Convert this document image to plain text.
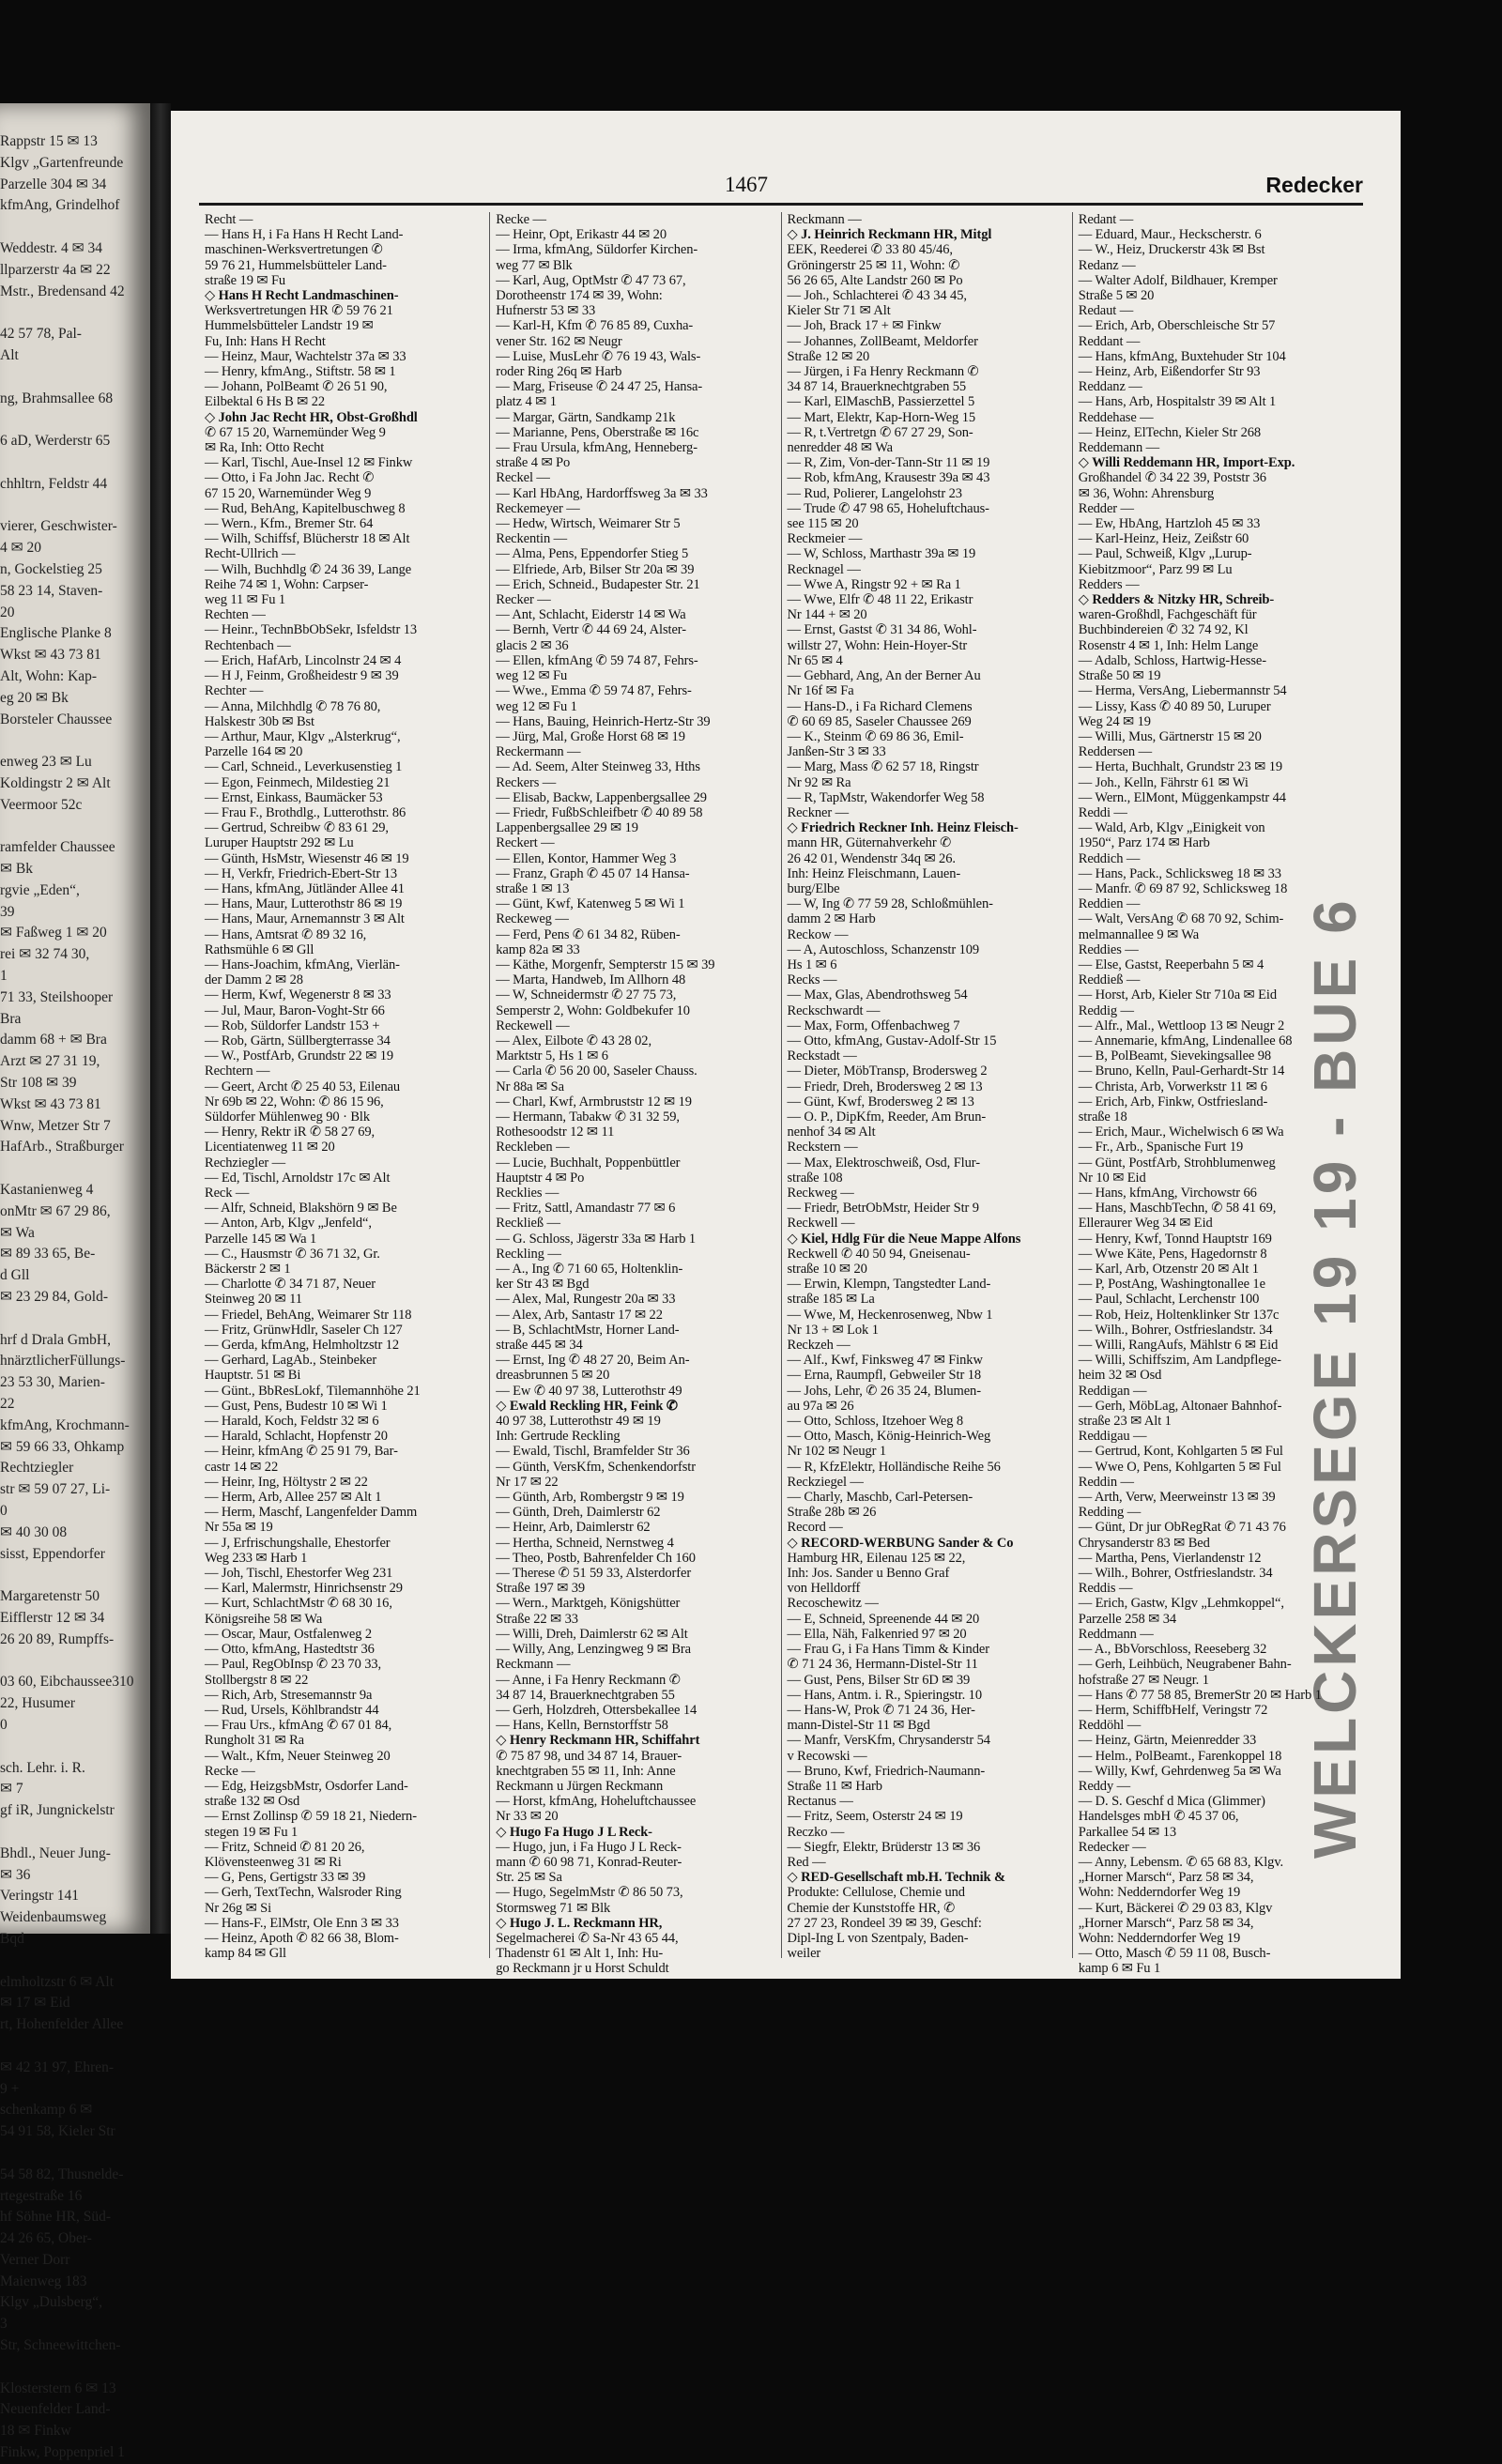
Rappstr 15 ✉ 13
Klgv „Gartenfreunde
Parzelle 304 ✉ 34
kfmAng, Grindelhof

Weddestr. 4 ✉ 34
llparzerstr 4a ✉ 22
Mstr., Bredensand 42

42 57 78, Pal-
Alt

ng, Brahmsallee 68

6 aD, Werderstr 65

chhltrn, Feldstr 44

vierer, Geschwister-
4 ✉ 20
n, Gockelstieg 25
58 23 14, Staven-
20
Englische Planke 8
Wkst ✉ 43 73 81
Alt, Wohn: Kap-
eg 20 ✉ Bk
Borsteler Chaussee

enweg 23 ✉ Lu
Koldingstr 2 ✉ Alt
Veermoor 52c

ramfelder Chaussee
✉ Bk
rgvie „Eden“,
39
✉ Faßweg 1 ✉ 20
rei ✉ 32 74 30,
1
71 33, Steilshooper
Bra
damm 68 + ✉ Bra
Arzt ✉ 27 31 19,
Str 108 ✉ 39
Wkst ✉ 43 73 81
Wnw, Metzer Str 7
HafArb., Straßburger

Kastanienweg 4
onMtr ✉ 67 29 86,
✉ Wa
✉ 89 33 65, Be-
d Gll
✉ 23 29 84, Gold-

hrf d Drala GmbH,
hnärztlicherFüllungs-
23 53 30, Marien-
22
kfmAng, Krochmann-
✉ 59 66 33, Ohkamp
Rechtziegler
str ✉ 59 07 27, Li-
0
✉ 40 30 08
sisst, Eppendorfer

Margaretenstr 50
Eifflerstr 12 ✉ 34
26 20 89, Rumpffs-

03 60, Eibchaussee310
22, Husumer
0

sch. Lehr. i. R.
✉ 7
gf iR, Jungnickelstr

Bhdl., Neuer Jung-
✉ 36
Veringstr 141
Weidenbaumsweg
Bqd

elmholtzstr 6 ✉ Alt
✉ 17 ✉ Eid
rt, Hohenfelder Allee

✉ 42 31 97, Ehren-
9 +
schenkamp 6 ✉
54 91 58, Kieler Str

54 58 82, Thusnelde-
rtegestraße 16
hf Söhne HR, Süd-
24 26 65, Ober-
Verner Dorr
Maienweg 183
Klgv „Dulsberg“,
3
Str, Schneewittchen-

Klosterstern 6 ✉ 13
Neuenfelder Land-
18 ✉ Finkw
Finkw, Poppenpriel 1
1467	Redecker
Recht —
— Hans H, i Fa Hans H Recht Land-
maschinen-Werksvertretungen ✆
59 76 21, Hummelsbütteler Land-
straße 19 ✉ Fu
◇ Hans H Recht Landmaschinen-
Werksvertretungen HR ✆ 59 76 21
Hummelsbütteler Landstr 19 ✉
Fu, Inh: Hans H Recht
— Heinz, Maur, Wachtelstr 37a ✉ 33
— Henry, kfmAng., Stiftstr. 58 ✉ 1
— Johann, PolBeamt ✆ 26 51 90,
Eilbektal 6 Hs B ✉ 22
◇ John Jac Recht HR, Obst-Großhdl
✆ 67 15 20, Warnemünder Weg 9
✉ Ra, Inh: Otto Recht
— Karl, Tischl, Aue-Insel 12 ✉ Finkw
— Otto, i Fa John Jac. Recht ✆
67 15 20, Warnemünder Weg 9
— Rud, BehAng, Kapitelbuschweg 8
— Wern., Kfm., Bremer Str. 64
— Wilh, Schiffsf, Blücherstr 18 ✉ Alt
Recht-Ullrich —
— Wilh, Buchhdlg ✆ 24 36 39, Lange
Reihe 74 ✉ 1, Wohn: Carpser-
weg 11 ✉ Fu 1
Rechten —
— Heinr., TechnBbObSekr, Isfeldstr 13
Rechtenbach —
— Erich, HafArb, Lincolnstr 24 ✉ 4
— H J, Feinm, Großheidestr 9 ✉ 39
Rechter —
— Anna, Milchhdlg ✆ 78 76 80,
Halskestr 30b ✉ Bst
— Arthur, Maur, Klgv „Alsterkrug“,
Parzelle 164 ✉ 20
— Carl, Schneid., Leverkusenstieg 1
— Egon, Feinmech, Mildestieg 21
— Ernst, Einkass, Baumäcker 53
— Frau F., Brothdlg., Lutterothstr. 86
— Gertrud, Schreibw ✆ 83 61 29,
Luruper Hauptstr 292 ✉ Lu
— Günth, HsMstr, Wiesenstr 46 ✉ 19
— H, Verkfr, Friedrich-Ebert-Str 13
— Hans, kfmAng, Jütländer Allee 41
— Hans, Maur, Lutterothstr 86 ✉ 19
— Hans, Maur, Arnemannstr 3 ✉ Alt
— Hans, Amtsrat ✆ 89 32 16,
Rathsmühle 6 ✉ Gll
— Hans-Joachim, kfmAng, Vierlän-
der Damm 2 ✉ 28
— Herm, Kwf, Wegenerstr 8 ✉ 33
— Jul, Maur, Baron-Voght-Str 66
— Rob, Süldorfer Landstr 153 +
— Rob, Gärtn, Süllbergterrasse 34
— W., PostfArb, Grundstr 22 ✉ 19
Rechtern —
— Geert, Archt ✆ 25 40 53, Eilenau
Nr 69b ✉ 22, Wohn: ✆ 86 15 96,
Süldorfer Mühlenweg 90 · Blk
— Henry, Rektr iR ✆ 58 27 69,
Licentiatenweg 11 ✉ 20
Rechziegler —
— Ed, Tischl, Arnoldstr 17c ✉ Alt
Reck —
— Alfr, Schneid, Blakshörn 9 ✉ Be
— Anton, Arb, Klgv „Jenfeld“,
Parzelle 145 ✉ Wa 1
— C., Hausmstr ✆ 36 71 32, Gr.
Bäckerstr 2 ✉ 1
— Charlotte ✆ 34 71 87, Neuer
Steinweg 20 ✉ 11
— Friedel, BehAng, Weimarer Str 118
— Fritz, GrünwHdlr, Saseler Ch 127
— Gerda, kfmAng, Helmholtzstr 12
— Gerhard, LagAb., Steinbeker
Hauptstr. 51 ✉ Bi
— Günt., BbResLokf, Tilemannhöhe 21
— Gust, Pens, Budestr 10 ✉ Wi 1
— Harald, Koch, Feldstr 32 ✉ 6
— Harald, Schlacht, Hopfenstr 20
— Heinr, kfmAng ✆ 25 91 79, Bar-
castr 14 ✉ 22
— Heinr, Ing, Höltystr 2 ✉ 22
— Herm, Arb, Allee 257 ✉ Alt 1
— Herm, Maschf, Langenfelder Damm
Nr 55a ✉ 19
— J, Erfrischungshalle, Ehestorfer
Weg 233 ✉ Harb 1
— Joh, Tischl, Ehestorfer Weg 231
— Karl, Malermstr, Hinrichsenstr 29
— Kurt, SchlachtMstr ✆ 68 30 16,
Königsreihe 58 ✉ Wa
— Oscar, Maur, Ostfalenweg 2
— Otto, kfmAng, Hastedtstr 36
— Paul, RegObInsp ✆ 23 70 33,
Stollbergstr 8 ✉ 22
— Rich, Arb, Stresemannstr 9a
— Rud, Ursels, Köhlbrandstr 44
— Frau Urs., kfmAng ✆ 67 01 84,
Rungholt 31 ✉ Ra
— Walt., Kfm, Neuer Steinweg 20
Recke —
— Edg, HeizgsbMstr, Osdorfer Land-
straße 132 ✉ Osd
— Ernst Zollinsp ✆ 59 18 21, Niedern-
stegen 19 ✉ Fu 1
— Fritz, Schneid ✆ 81 20 26,
Klövensteenweg 31 ✉ Ri
— G, Pens, Gertigstr 33 ✉ 39
— Gerh, TextTechn, Walsroder Ring
Nr 26g ✉ Si
— Hans-F., ElMstr, Ole Enn 3 ✉ 33
— Heinz, Apoth ✆ 82 66 38, Blom-
kamp 84 ✉ Gll
Recke —
— Heinr, Opt, Erikastr 44 ✉ 20
— Irma, kfmAng, Süldorfer Kirchen-
weg 77 ✉ Blk
— Karl, Aug, OptMstr ✆ 47 73 67,
Dorotheenstr 174 ✉ 39, Wohn:
Hufnerstr 53 ✉ 33
— Karl-H, Kfm ✆ 76 85 89, Cuxha-
vener Str. 162 ✉ Neugr
— Luise, MusLehr ✆ 76 19 43, Wals-
roder Ring 26q ✉ Harb
— Marg, Friseuse ✆ 24 47 25, Hansa-
platz 4 ✉ 1
— Margar, Gärtn, Sandkamp 21k
— Marianne, Pens, Oberstraße ✉ 16c
— Frau Ursula, kfmAng, Henneberg-
straße 4 ✉ Po
Reckel —
— Karl HbAng, Hardorffsweg 3a ✉ 33
Reckemeyer —
— Hedw, Wirtsch, Weimarer Str 5
Reckentin —
— Alma, Pens, Eppendorfer Stieg 5
— Elfriede, Arb, Bilser Str 20a ✉ 39
— Erich, Schneid., Budapester Str. 21
Recker —
— Ant, Schlacht, Eiderstr 14 ✉ Wa
— Bernh, Vertr ✆ 44 69 24, Alster-
glacis 2 ✉ 36
— Ellen, kfmAng ✆ 59 74 87, Fehrs-
weg 12 ✉ Fu
— Wwe., Emma ✆ 59 74 87, Fehrs-
weg 12 ✉ Fu 1
— Hans, Bauing, Heinrich-Hertz-Str 39
— Jürg, Mal, Große Horst 68 ✉ 19
Reckermann —
— Ad. Seem, Alter Steinweg 33, Hths
Reckers —
— Elisab, Backw, Lappenbergsallee 29
— Friedr, FußbSchleifbetr ✆ 40 89 58
Lappenbergsallee 29 ✉ 19
Reckert —
— Ellen, Kontor, Hammer Weg 3
— Franz, Graph ✆ 45 07 14 Hansa-
straße 1 ✉ 13
— Günt, Kwf, Katenweg 5 ✉ Wi 1
Reckeweg —
— Ferd, Pens ✆ 61 34 82, Rüben-
kamp 82a ✉ 33
— Käthe, Morgenfr, Sempterstr 15 ✉ 39
— Marta, Handweb, Im Allhorn 48
— W, Schneidermstr ✆ 27 75 73,
Semperstr 2, Wohn: Goldbekufer 10
Reckewell —
— Alex, Eilbote ✆ 43 28 02,
Marktstr 5, Hs 1 ✉ 6
— Carla ✆ 56 20 00, Saseler Chauss.
Nr 88a ✉ Sa
— Charl, Kwf, Armbruststr 12 ✉ 19
— Hermann, Tabakw ✆ 31 32 59,
Rothesoodstr 12 ✉ 11
Reckleben —
— Lucie, Buchhalt, Poppenbüttler
Hauptstr 4 ✉ Po
Recklies —
— Fritz, Sattl, Amandastr 77 ✉ 6
Reckließ —
— G. Schloss, Jägerstr 33a ✉ Harb 1
Reckling —
— A., Ing ✆ 71 60 65, Holtenklin-
ker Str 43 ✉ Bgd
— Alex, Mal, Rungestr 20a ✉ 33
— Alex, Arb, Santastr 17 ✉ 22
— B, SchlachtMstr, Horner Land-
straße 445 ✉ 34
— Ernst, Ing ✆ 48 27 20, Beim An-
dreasbrunnen 5 ✉ 20
— Ew ✆ 40 97 38, Lutterothstr 49
◇ Ewald Reckling HR, Feink ✆
40 97 38, Lutterothstr 49 ✉ 19
Inh: Gertrude Reckling
— Ewald, Tischl, Bramfelder Str 36
— Günth, VersKfm, Schenkendorfstr
Nr 17 ✉ 22
— Günth, Arb, Rombergstr 9 ✉ 19
— Günth, Dreh, Daimlerstr 62
— Heinr, Arb, Daimlerstr 62
— Hertha, Schneid, Nernstweg 4
— Theo, Postb, Bahrenfelder Ch 160
— Therese ✆ 51 59 33, Alsterdorfer
Straße 197 ✉ 39
— Wern., Marktgeh, Königshütter
Straße 22 ✉ 33
— Willi, Dreh, Daimlerstr 62 ✉ Alt
— Willy, Ang, Lenzingweg 9 ✉ Bra
Reckmann —
— Anne, i Fa Henry Reckmann ✆
34 87 14, Brauerknechtgraben 55
— Gerh, Holzdreh, Ottersbekallee 14
— Hans, Kelln, Bernstorffstr 58
◇ Henry Reckmann HR, Schiffahrt
✆ 75 87 98, und 34 87 14, Brauer-
knechtgraben 55 ✉ 11, Inh: Anne
Reckmann u Jürgen Reckmann
— Horst, kfmAng, Hoheluftchaussee
Nr 33 ✉ 20
◇ Hugo Fa Hugo J L Reck-
— Hugo, jun, i Fa Hugo J L Reck-
mann ✆ 60 98 71, Konrad-Reuter-
Str. 25 ✉ Sa
— Hugo, SegelmMstr ✆ 86 50 73,
Stormsweg 71 ✉ Blk
◇ Hugo J. L. Reckmann HR,
Segelmacherei ✆ Sa-Nr 43 65 44,
Thadenstr 61 ✉ Alt 1, Inh: Hu-
go Reckmann jr u Horst Schuldt
Reckmann —
◇ J. Heinrich Reckmann HR, Mitgl
EEK, Reederei ✆ 33 80 45/46,
Gröningerstr 25 ✉ 11, Wohn: ✆
56 26 65, Alte Landstr 260 ✉ Po
— Joh., Schlachterei ✆ 43 34 45,
Kieler Str 71 ✉ Alt
— Joh, Brack 17 + ✉ Finkw
— Johannes, ZollBeamt, Meldorfer
Straße 12 ✉ 20
— Jürgen, i Fa Henry Reckmann ✆
34 87 14, Brauerknechtgraben 55
— Karl, ElMaschB, Passierzettel 5
— Mart, Elektr, Kap-Horn-Weg 15
— R, t.Vertretgn ✆ 67 27 29, Son-
nenredder 48 ✉ Wa
— R, Zim, Von-der-Tann-Str 11 ✉ 19
— Rob, kfmAng, Krausestr 39a ✉ 43
— Rud, Polierer, Langelohstr 23
— Trude ✆ 47 98 65, Hoheluftchaus-
see 115 ✉ 20
Reckmeier —
— W, Schloss, Marthastr 39a ✉ 19
Recknagel —
— Wwe A, Ringstr 92 + ✉ Ra 1
— Wwe, Elfr ✆ 48 11 22, Erikastr
Nr 144 + ✉ 20
— Ernst, Gastst ✆ 31 34 86, Wohl-
willstr 27, Wohn: Hein-Hoyer-Str
Nr 65 ✉ 4
— Gebhard, Ang, An der Berner Au
Nr 16f ✉ Fa
— Hans-D., i Fa Richard Clemens
✆ 60 69 85, Saseler Chaussee 269
— K., Steinm ✆ 69 86 36, Emil-
Janßen-Str 3 ✉ 33
— Marg, Mass ✆ 62 57 18, Ringstr
Nr 92 ✉ Ra
— R, TapMstr, Wakendorfer Weg 58
Reckner —
◇ Friedrich Reckner Inh. Heinz Fleisch-
mann HR, Güternahverkehr ✆
26 42 01, Wendenstr 34q ✉ 26.
Inh: Heinz Fleischmann, Lauen-
burg/Elbe
— W, Ing ✆ 77 59 28, Schloßmühlen-
damm 2 ✉ Harb
Reckow —
— A, Autoschloss, Schanzenstr 109
Hs 1 ✉ 6
Recks —
— Max, Glas, Abendrothsweg 54
Reckschwardt —
— Max, Form, Offenbachweg 7
— Otto, kfmAng, Gustav-Adolf-Str 15
Reckstadt —
— Dieter, MöbTransp, Brodersweg 2
— Friedr, Dreh, Brodersweg 2 ✉ 13
— Günt, Kwf, Brodersweg 2 ✉ 13
— O. P., DipKfm, Reeder, Am Brun-
nenhof 34 ✉ Alt
Reckstern —
— Max, Elektroschweiß, Osd, Flur-
straße 108
Reckweg —
— Friedr, BetrObMstr, Heider Str 9
Reckwell —
◇ Kiel, Hdlg Für die Neue Mappe Alfons
Reckwell ✆ 40 50 94, Gneisenau-
straße 10 ✉ 20
— Erwin, Klempn, Tangstedter Land-
straße 185 ✉ La
— Wwe, M, Heckenrosenweg, Nbw 1
Nr 13 + ✉ Lok 1
Reckzeh —
— Alf., Kwf, Finksweg 47 ✉ Finkw
— Erna, Raumpfl, Gebweiler Str 18
— Johs, Lehr, ✆ 26 35 24, Blumen-
au 97a ✉ 26
— Otto, Schloss, Itzehoer Weg 8
— Otto, Masch, König-Heinrich-Weg
Nr 102 ✉ Neugr 1
— R, KfzElektr, Holländische Reihe 56
Reckziegel —
— Charly, Maschb, Carl-Petersen-
Straße 28b ✉ 26
Record —
◇ RECORD-WERBUNG Sander & Co
Hamburg HR, Eilenau 125 ✉ 22,
Inh: Jos. Sander u Benno Graf
von Helldorff
Recoschewitz —
— E, Schneid, Spreenende 44 ✉ 20
— Ella, Näh, Falkenried 97 ✉ 20
— Frau G, i Fa Hans Timm & Kinder
✆ 71 24 36, Hermann-Distel-Str 11
— Gust, Pens, Bilser Str 6D ✉ 39
— Hans, Antm. i. R., Spieringstr. 10
— Hans-W, Prok ✆ 71 24 36, Her-
mann-Distel-Str 11 ✉ Bgd
— Manfr, VersKfm, Chrysanderstr 54
v Recowski —
— Bruno, Kwf, Friedrich-Naumann-
Straße 11 ✉ Harb
Rectanus —
— Fritz, Seem, Osterstr 24 ✉ 19
Reczko —
— Siegfr, Elektr, Brüderstr 13 ✉ 36
Red —
◇ RED-Gesellschaft mb.H. Technik &
Produkte: Cellulose, Chemie und
Chemie der Kunststoffe HR, ✆
27 27 23, Rondeel 39 ✉ 39, Geschf:
Dipl-Ing L von Szentpaly, Baden-
weiler
Redant —
— Eduard, Maur., Heckscherstr. 6
— W., Heiz, Druckerstr 43k ✉ Bst
Redanz —
— Walter Adolf, Bildhauer, Kremper
Straße 5 ✉ 20
Redaut —
— Erich, Arb, Oberschleische Str 57
Reddant —
— Hans, kfmAng, Buxtehuder Str 104
— Heinz, Arb, Eißendorfer Str 93
Reddanz —
— Hans, Arb, Hospitalstr 39 ✉ Alt 1
Reddehase —
— Heinz, ElTechn, Kieler Str 268
Reddemann —
◇ Willi Reddemann HR, Import-Exp.
Großhandel ✆ 34 22 39, Poststr 36
✉ 36, Wohn: Ahrensburg
Redder —
— Ew, HbAng, Hartzloh 45 ✉ 33
— Karl-Heinz, Heiz, Zeißstr 60
— Paul, Schweiß, Klgv „Lurup-
Kiebitzmoor“, Parz 99 ✉ Lu
Redders —
◇ Redders & Nitzky HR, Schreib-
waren-Großhdl, Fachgeschäft für
Buchbindereien ✆ 32 74 92, Kl
Rosenstr 4 ✉ 1, Inh: Helm Lange
— Adalb, Schloss, Hartwig-Hesse-
Straße 50 ✉ 19
— Herma, VersAng, Liebermannstr 54
— Lissy, Kass ✆ 40 89 50, Luruper
Weg 24 ✉ 19
— Willi, Mus, Gärtnerstr 15 ✉ 20
Reddersen —
— Herta, Buchhalt, Grundstr 23 ✉ 19
— Joh., Kelln, Fährstr 61 ✉ Wi
— Wern., ElMont, Müggenkampstr 44
Reddi —
— Wald, Arb, Klgv „Einigkeit von
1950“, Parz 174 ✉ Harb
Reddich —
— Hans, Pack., Schlicksweg 18 ✉ 33
— Manfr. ✆ 69 87 92, Schlicksweg 18
Reddien —
— Walt, VersAng ✆ 68 70 92, Schim-
melmannallee 9 ✉ Wa
Reddies —
— Else, Gastst, Reeperbahn 5 ✉ 4
Reddieß —
— Horst, Arb, Kieler Str 710a ✉ Eid
Reddig —
— Alfr., Mal., Wettloop 13 ✉ Neugr 2
— Annemarie, kfmAng, Lindenallee 68
— B, PolBeamt, Sievekingsallee 98
— Bruno, Kelln, Paul-Gerhardt-Str 14
— Christa, Arb, Vorwerkstr 11 ✉ 6
— Erich, Arb, Finkw, Ostfriesland-
straße 18
— Erich, Maur., Wichelwisch 6 ✉ Wa
— Fr., Arb., Spanische Furt 19
— Günt, PostfArb, Strohblumenweg
Nr 10 ✉ Eid
— Hans, kfmAng, Virchowstr 66
— Hans, MaschbTechn, ✆ 58 41 69,
Elleraurer Weg 34 ✉ Eid
— Henry, Kwf, Tonnd Hauptstr 169
— Wwe Käte, Pens, Hagedornstr 8
— Karl, Arb, Otzenstr 20 ✉ Alt 1
— P, PostAng, Washingtonallee 1e
— Paul, Schlacht, Lerchenstr 100
— Rob, Heiz, Holtenklinker Str 137c
— Wilh., Bohrer, Ostfrieslandstr. 34
— Willi, RangAufs, Mählstr 6 ✉ Eid
— Willi, Schiffszim, Am Landpflege-
heim 32 ✉ Osd
Reddigan —
— Gerh, MöbLag, Altonaer Bahnhof-
straße 23 ✉ Alt 1
Reddigau —
— Gertrud, Kont, Kohlgarten 5 ✉ Ful
— Wwe O, Pens, Kohlgarten 5 ✉ Ful
Reddin —
— Arth, Verw, Meerweinstr 13 ✉ 39
Redding —
— Günt, Dr jur ObRegRat ✆ 71 43 76
Chrysanderstr 83 ✉ Bed
— Martha, Pens, Vierlandenstr 12
— Wilh., Bohrer, Ostfrieslandstr. 34
Reddis —
— Erich, Gastw, Klgv „Lehmkoppel“,
Parzelle 258 ✉ 34
Reddmann —
— A., BbVorschloss, Reeseberg 32
— Gerh, Leihbüch, Neugrabener Bahn-
hofstraße 27 ✉ Neugr. 1
— Hans ✆ 77 58 85, BremerStr 20 ✉ Harb 1
— Herm, SchiffbHelf, Veringstr 72
Reddöhl —
— Heinz, Gärtn, Meienredder 33
— Helm., PolBeamt., Farenkoppel 18
— Willy, Kwf, Gehrdenweg 5a ✉ Wa
Reddy —
— D. S. Geschf d Mica (Glimmer)
Handelsges mbH ✆ 45 37 06,
Parkallee 54 ✉ 13
Redecker —
— Anny, Lebensm. ✆ 65 68 83, Klgv.
„Horner Marsch“, Parz 58 ✉ 34,
Wohn: Nedderndorfer Weg 19
— Kurt, Bäckerei ✆ 29 03 83, Klgv
„Horner Marsch“, Parz 58 ✉ 34,
Wohn: Nedderndorfer Weg 19
— Otto, Masch ✆ 59 11 08, Busch-
kamp 6 ✉ Fu 1
WELCKERSEGE 19 19 - BUE 6
